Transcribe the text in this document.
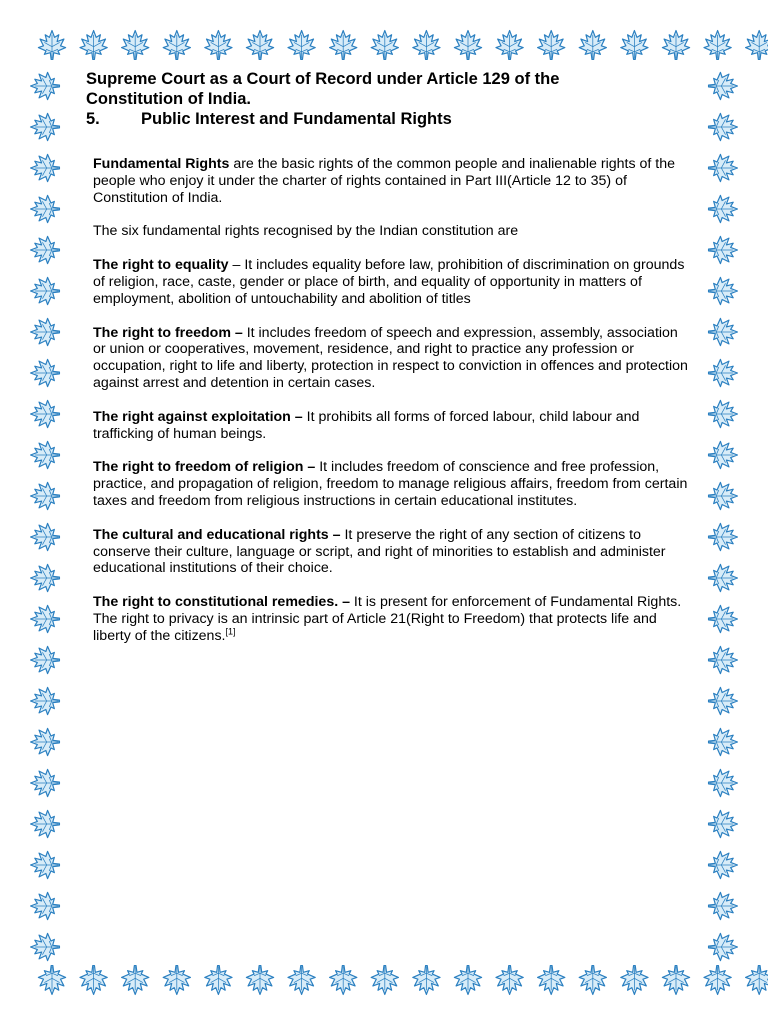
Supreme Court as a Court of Record under Article 129 of the
Constitution of India.

5. Public Interest and Fundamental Rights

Fundamental Rights are the basic rights of the common people and inalienable rights of the people who enjoy it under the charter of rights contained in Part III(Article 12 to 35) of Constitution of India.

The six fundamental rights recognised by the Indian constitution are

The right to equality – It includes equality before law, prohibition of discrimination on grounds of religion, race, caste, gender or place of birth, and equality of opportunity in matters of employment, abolition of untouchability and abolition of titles

The right to freedom – It includes freedom of speech and expression, assembly, association or union or cooperatives, movement, residence, and right to practice any profession or occupation, right to life and liberty, protection in respect to conviction in offences and protection against arrest and detention in certain cases.

The right against exploitation – It prohibits all forms of forced labour, child labour and trafficking of human beings.

The right to freedom of religion – It includes freedom of conscience and free profession, practice, and propagation of religion, freedom to manage religious affairs, freedom from certain taxes and freedom from religious instructions in certain educational institutes.

The cultural and educational rights – It preserve the right of any section of citizens to conserve their culture, language or script, and right of minorities to establish and administer educational institutions of their choice.

The right to constitutional remedies. – It is present for enforcement of Fundamental Rights. The right to privacy is an intrinsic part of Article 21(Right to Freedom) that protects life and liberty of the citizens.[1]
